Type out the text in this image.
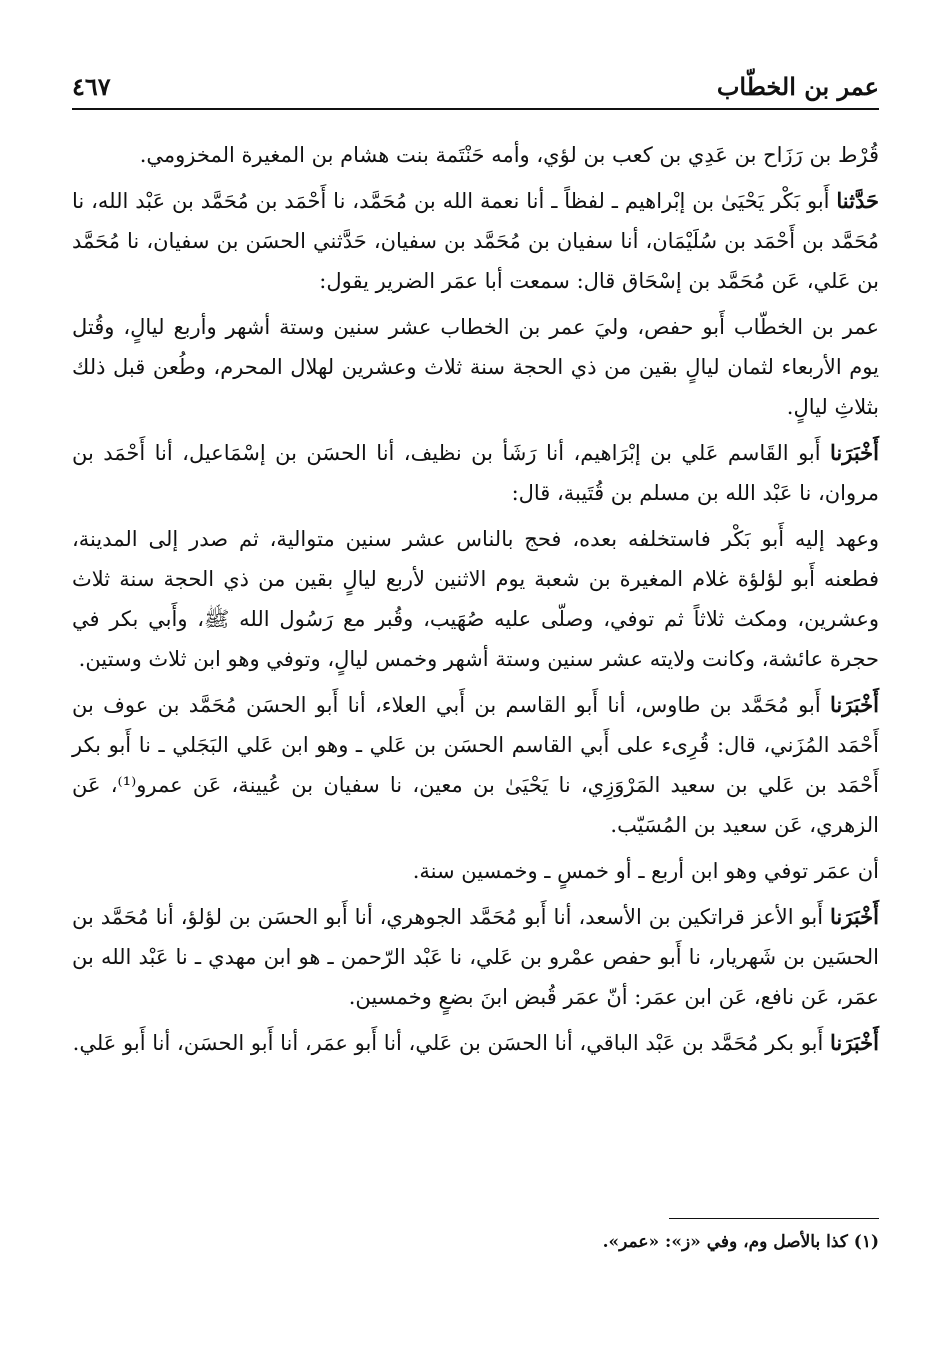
عمر بن الخطّاب
٤٦٧

قُرْط بن رَزَاح بن عَدِي بن كعب بن لؤي، وأمه حَنْتَمة بنت هشام بن المغيرة المخزومي.

حَدَّثنا أَبو بَكْر يَحْيَىٰ بن إبْراهيم ـ لفظاً ـ أنا نعمة الله بن مُحَمَّد، نا أَحْمَد بن مُحَمَّد بن عَبْد الله، نا مُحَمَّد بن أَحْمَد بن سُلَيْمَان، أنا سفيان بن مُحَمَّد بن سفيان، حَدَّثني الحسَن بن سفيان، نا مُحَمَّد بن عَلي، عَن مُحَمَّد بن إسْحَاق قال: سمعت أبا عمَر الضرير يقول:

عمر بن الخطّاب أَبو حفص، وليَ عمر بن الخطاب عشر سنين وستة أشهر وأربع ليالٍ، وقُتل يوم الأربعاء لثمان ليالٍ بقين من ذي الحجة سنة ثلاث وعشرين لهلال المحرم، وطُعن قبل ذلك بثلاثِ ليالٍ.

أَخْبَرَنا أَبو القَاسم عَلي بن إبْرَاهيم، أنا رَشَأ بن نظيف، أنا الحسَن بن إسْمَاعيل، أنا أَحْمَد بن مروان، نا عَبْد الله بن مسلم بن قُتَيبة، قال:

وعهد إليه أَبو بَكْر فاستخلفه بعده، فحج بالناس عشر سنين متوالية، ثم صدر إلى المدينة، فطعنه أَبو لؤلؤة غلام المغيرة بن شعبة يوم الاثنين لأربع ليالٍ بقين من ذي الحجة سنة ثلاث وعشرين، ومكث ثلاثاً ثم توفي، وصلّى عليه صُهَيب، وقُبر مع رَسُول الله ﷺ، وأَبي بكر في حجرة عائشة، وكانت ولايته عشر سنين وستة أشهر وخمس ليالٍ، وتوفي وهو ابن ثلاث وستين.

أَخْبَرَنا أَبو مُحَمَّد بن طاوس، أنا أَبو القاسم بن أَبي العلاء، أنا أَبو الحسَن مُحَمَّد بن عوف بن أَحْمَد المُزَني، قال: قُرِىء على أَبي القاسم الحسَن بن عَلي ـ وهو ابن عَلي البَجَلي ـ نا أَبو بكر أَحْمَد بن عَلي بن سعيد المَرْوَزِي، نا يَحْيَىٰ بن معين، نا سفيان بن عُيينة، عَن عمرو⁽¹⁾، عَن الزهري، عَن سعيد بن المُسَيّب.

أن عمَر توفي وهو ابن أربع ـ أو خمسٍ ـ وخمسين سنة.

أَخْبَرَنا أَبو الأعز قراتكين بن الأسعد، أنا أَبو مُحَمَّد الجوهري، أنا أَبو الحسَن بن لؤلؤ، أنا مُحَمَّد بن الحسَين بن شَهريار، نا أَبو حفص عمْرو بن عَلي، نا عَبْد الرّحمن ـ هو ابن مهدي ـ نا عَبْد الله بن عمَر، عَن نافع، عَن ابن عمَر: أنّ عمَر قُبض ابنَ بضعٍ وخمسين.

أَخْبَرَنا أَبو بكر مُحَمَّد بن عَبْد الباقي، أنا الحسَن بن عَلي، أنا أَبو عمَر، أنا أَبو الحسَن، أنا أَبو عَلي.

(١) كذا بالأصل وم، وفي «ز»: «عمر».
